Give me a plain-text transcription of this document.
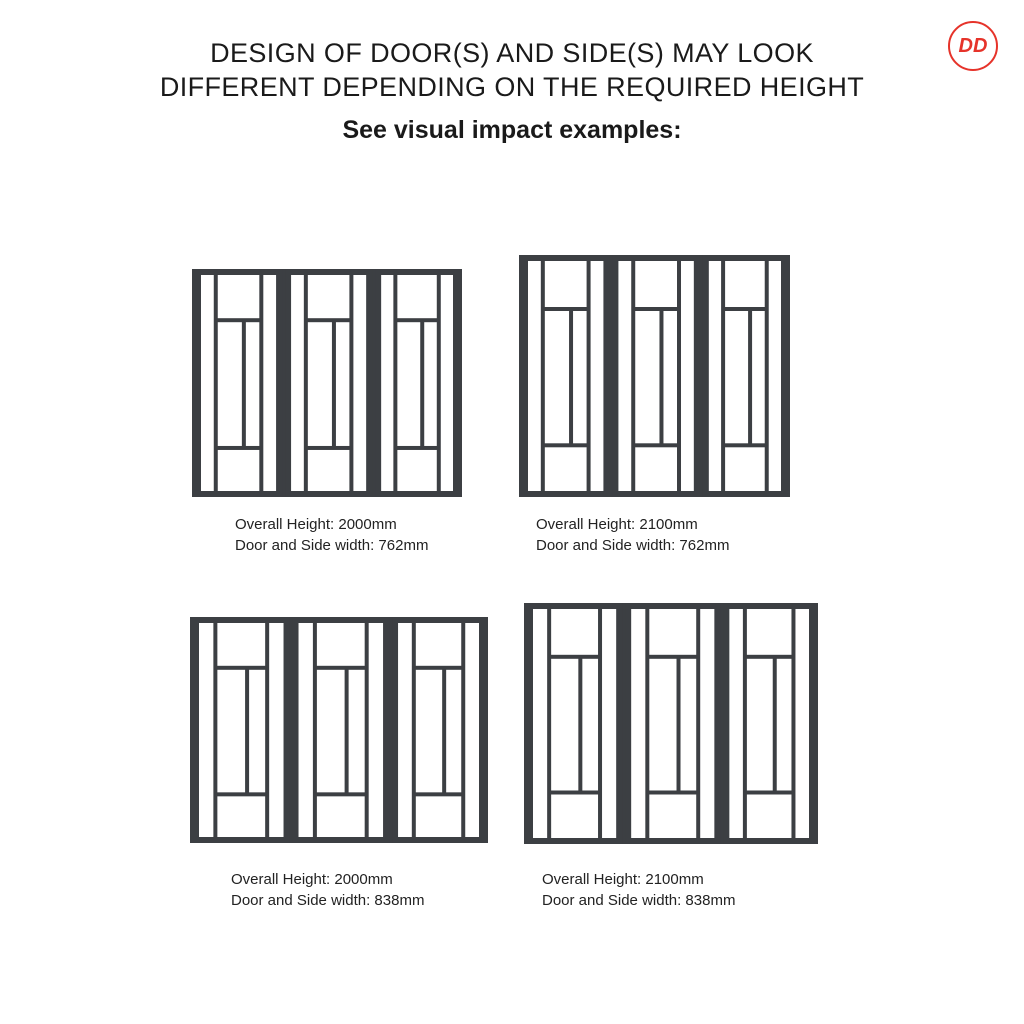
DESIGN OF DOOR(S) AND SIDE(S) MAY LOOK
DIFFERENT DEPENDING ON THE REQUIRED HEIGHT
See visual impact examples:
DD
Overall Height: 2000mm
Door and Side width: 762mm
Overall Height: 2100mm
Door and Side width: 762mm
Overall Height: 2000mm
Door and Side width: 838mm
Overall Height: 2100mm
Door and Side width: 838mm
